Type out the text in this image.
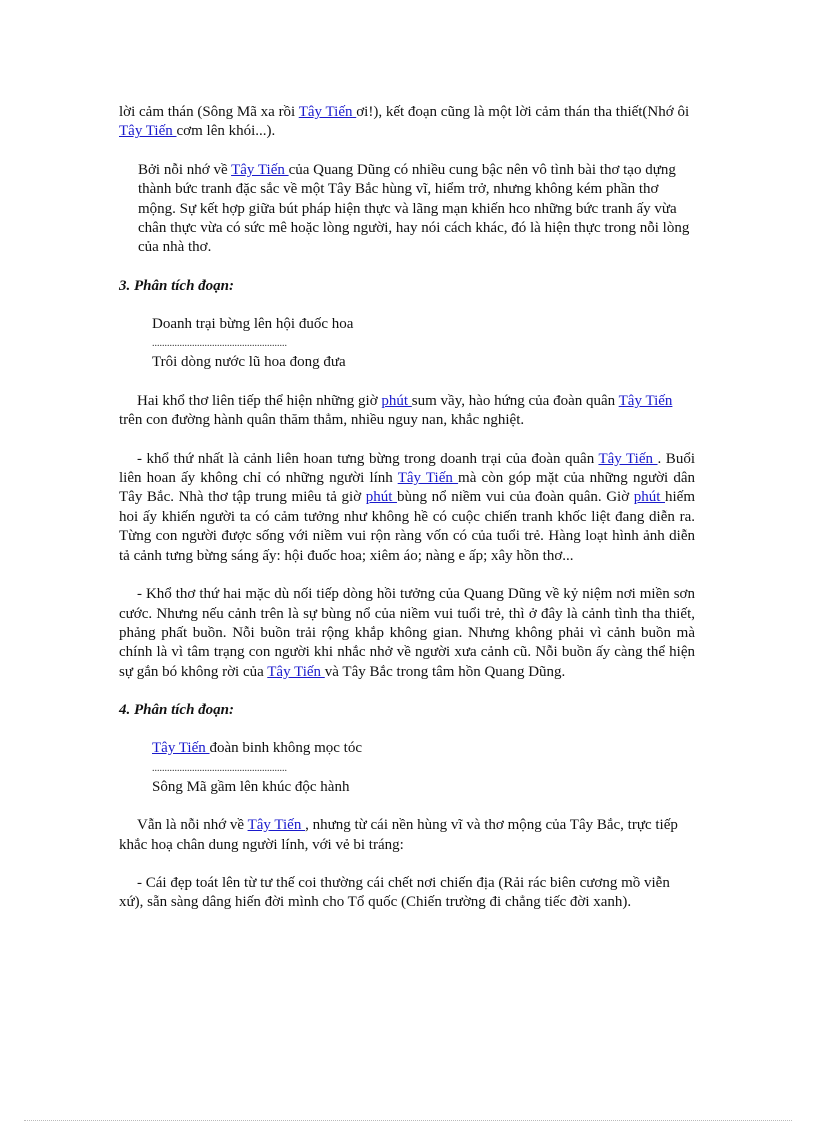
lời cảm thán (Sông Mã xa rồi Tây Tiến ơi!), kết đoạn cũng là một lời cảm thán tha thiết(Nhớ ôi Tây Tiến cơm lên khói...).

Bởi nỗi nhớ về Tây Tiến của Quang Dũng có nhiều cung bậc nên vô tình bài thơ tạo dựng thành bức tranh đặc sắc về một Tây Bắc hùng vĩ, hiểm trở, nhưng không kém phần thơ mộng. Sự kết hợp giữa bút pháp hiện thực và lãng mạn khiến hco những bức tranh ấy vừa chân thực vừa có sức mê hoặc lòng người, hay nói cách khác, đó là hiện thực trong nỗi lòng của nhà thơ.

3. Phân tích đoạn:

Doanh trại bừng lên hội đuốc hoa

......................................................

Trôi dòng nước lũ hoa đong đưa

Hai khổ thơ liên tiếp thể hiện những giờ phút sum vầy, hào hứng của đoàn quân Tây Tiến trên con đường hành quân thăm thẳm, nhiều nguy nan, khắc nghiệt.

- khổ thứ nhất là cảnh liên hoan tưng bừng trong doanh trại của đoàn quân Tây Tiến . Buổi liên hoan ấy không chỉ có những người lính Tây Tiến mà còn góp mặt của những người dân Tây Bắc. Nhà thơ tập trung miêu tả giờ phút bùng nổ niềm vui của đoàn quân. Giờ phút hiếm hoi ấy khiến người ta có cảm tưởng như không hề có cuộc chiến tranh khốc liệt đang diễn ra. Từng con người được sống với niềm vui rộn ràng vốn có của tuổi trẻ. Hàng loạt hình ảnh diễn tả cảnh tưng bừng sáng ấy: hội đuốc hoa; xiêm áo; nàng e ấp; xây hồn thơ...

- Khổ thơ thứ hai mặc dù nối tiếp dòng hồi tưởng của Quang Dũng về kỷ niệm nơi miền sơn cước. Nhưng nếu cảnh trên là sự bùng nổ của niềm vui tuổi trẻ, thì ở đây là cảnh tình tha thiết, phảng phất buồn. Nỗi buồn trải rộng khắp không gian. Nhưng không phải vì cảnh buồn mà chính là vì tâm trạng con người khi nhắc nhở về người xưa cảnh cũ. Nỗi buồn ấy càng thể hiện sự gắn bó không rời của Tây Tiến và Tây Bắc trong tâm hồn Quang Dũng.

4. Phân tích đoạn:

Tây Tiến đoàn binh không mọc tóc

......................................................

Sông Mã gầm lên khúc độc hành

Vẫn là nỗi nhớ về Tây Tiến , nhưng từ cái nền hùng vĩ và thơ mộng của Tây Bắc, trực tiếp khắc hoạ chân dung người lính, với vẻ bi tráng:

- Cái đẹp toát lên từ tư thế coi thường cái chết nơi chiến địa (Rải rác biên cương mồ viễn xứ), sẵn sàng dâng hiến đời mình cho Tổ quốc (Chiến trường đi chẳng tiếc đời xanh).
